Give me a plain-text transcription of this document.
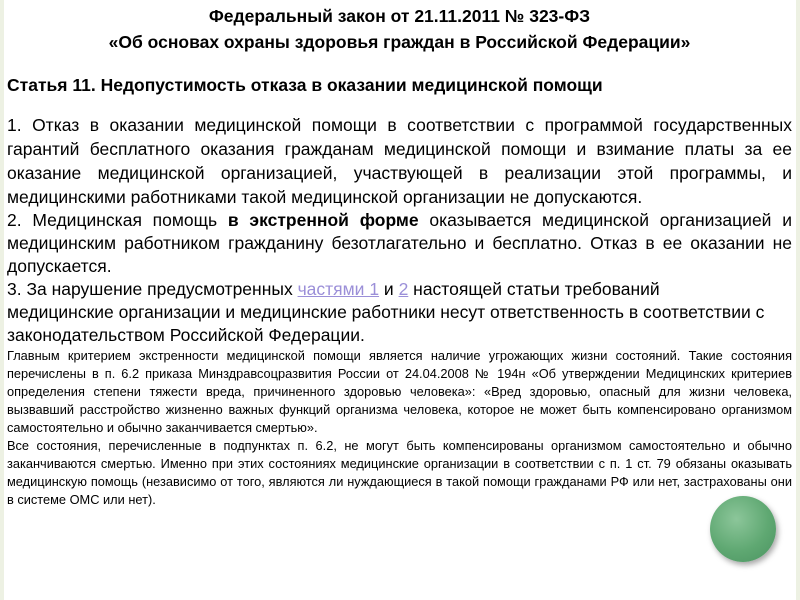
Федеральный закон от 21.11.2011 № 323-ФЗ
«Об основах охраны здоровья граждан в Российской Федерации»
Статья 11. Недопустимость отказа в оказании медицинской помощи
1. Отказ в оказании медицинской помощи в соответствии с программой государственных гарантий бесплатного оказания гражданам медицинской помощи и взимание платы за ее оказание медицинской организацией, участвующей в реализации этой программы, и медицинскими работниками такой медицинской организации не допускаются.
2. Медицинская помощь в экстренной форме оказывается медицинской организацией и медицинским работником гражданину безотлагательно и бесплатно. Отказ в ее оказании не допускается.
3. За нарушение предусмотренных частями 1 и 2 настоящей статьи требований медицинские организации и медицинские работники несут ответственность в соответствии с законодательством Российской Федерации.
Главным критерием экстренности медицинской помощи является наличие угрожающих жизни состояний. Такие состояния перечислены в п. 6.2 приказа Минздравсоцразвития России от 24.04.2008 № 194н «Об утверждении Медицинских критериев определения степени тяжести вреда, причиненного здоровью человека»: «Вред здоровью, опасный для жизни человека, вызвавший расстройство жизненно важных функций организма человека, которое не может быть компенсировано организмом самостоятельно и обычно заканчивается смертью».
Все состояния, перечисленные в подпунктах п. 6.2, не могут быть компенсированы организмом самостоятельно и обычно заканчиваются смертью. Именно при этих состояниях медицинские организации в соответствии с п. 1 ст. 79 обязаны оказывать медицинскую помощь (независимо от того, являются ли нуждающиеся в такой помощи гражданами РФ или нет, застрахованы они в системе ОМС или нет).
